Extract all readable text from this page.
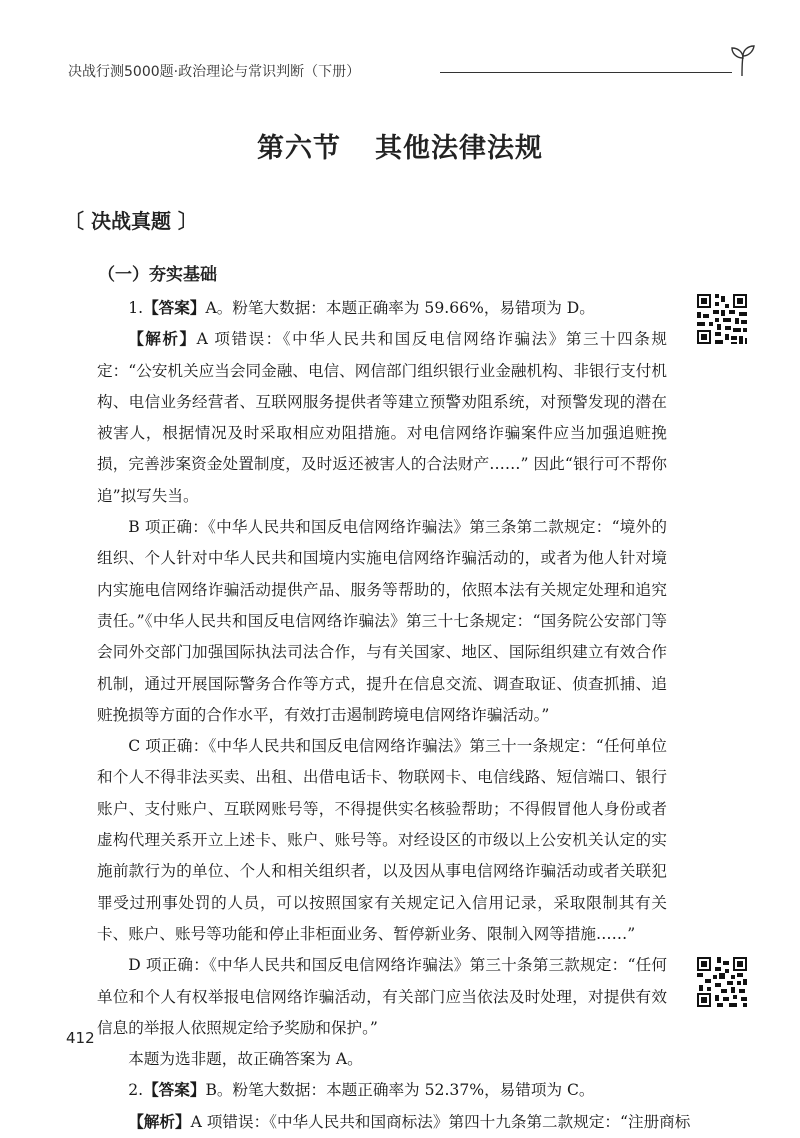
决战行测5000题·政治理论与常识判断（下册）
第六节 其他法律法规
〔 决战真题 〕
（一）夯实基础

1.【答案】A。粉笔大数据：本题正确率为 59.66%，易错项为 D。

【解析】A 项错误：《中华人民共和国反电信网络诈骗法》第三十四条规定：“公安机关应当会同金融、电信、网信部门组织银行业金融机构、非银行支付机构、电信业务经营者、互联网服务提供者等建立预警劝阻系统，对预警发现的潜在被害人，根据情况及时采取相应劝阻措施。对电信网络诈骗案件应当加强追赃挽损，完善涉案资金处置制度，及时返还被害人的合法财产……” 因此“银行可不帮你追”拟写失当。

B 项正确：《中华人民共和国反电信网络诈骗法》第三条第二款规定：“境外的组织、个人针对中华人民共和国境内实施电信网络诈骗活动的，或者为他人针对境内实施电信网络诈骗活动提供产品、服务等帮助的，依照本法有关规定处理和追究责任。”《中华人民共和国反电信网络诈骗法》第三十七条规定：“国务院公安部门等会同外交部门加强国际执法司法合作，与有关国家、地区、国际组织建立有效合作机制，通过开展国际警务合作等方式，提升在信息交流、调查取证、侦查抓捕、追赃挽损等方面的合作水平，有效打击遏制跨境电信网络诈骗活动。”

C 项正确：《中华人民共和国反电信网络诈骗法》第三十一条规定：“任何单位和个人不得非法买卖、出租、出借电话卡、物联网卡、电信线路、短信端口、银行账户、支付账户、互联网账号等，不得提供实名核验帮助；不得假冒他人身份或者虚构代理关系开立上述卡、账户、账号等。对经设区的市级以上公安机关认定的实施前款行为的单位、个人和相关组织者，以及因从事电信网络诈骗活动或者关联犯罪受过刑事处罚的人员，可以按照国家有关规定记入信用记录，采取限制其有关卡、账户、账号等功能和停止非柜面业务、暂停新业务、限制入网等措施……”

D 项正确：《中华人民共和国反电信网络诈骗法》第三十条第三款规定：“任何单位和个人有权举报电信网络诈骗活动，有关部门应当依法及时处理，对提供有效信息的举报人依照规定给予奖励和保护。”

本题为选非题，故正确答案为 A。

2.【答案】B。粉笔大数据：本题正确率为 52.37%，易错项为 C。

【解析】A 项错误：《中华人民共和国商标法》第四十九条第二款规定：“注册商标

412
